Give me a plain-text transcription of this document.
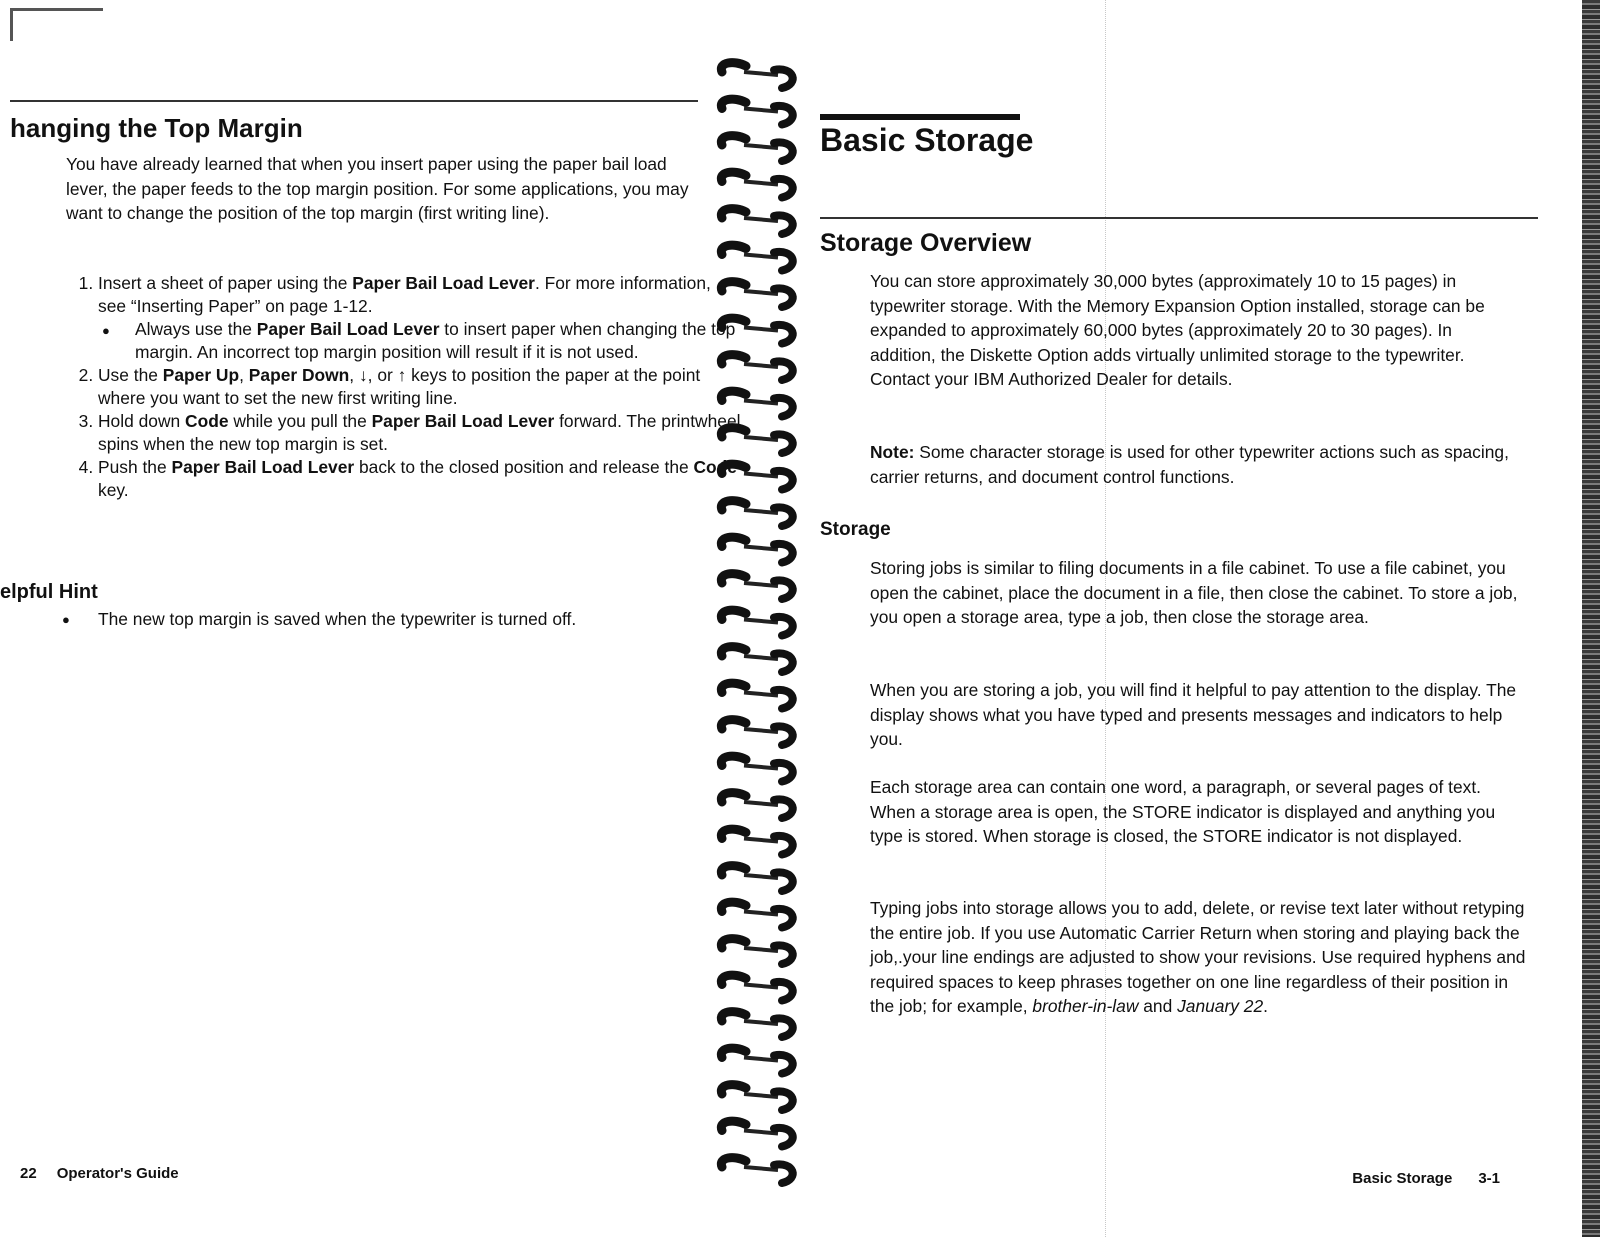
hanging the Top Margin

You have already learned that when you insert paper using the paper bail load lever, the paper feeds to the top margin position. For some applications, you may want to change the position of the top margin (first writing line).

1. Insert a sheet of paper using the Paper Bail Load Lever. For more information, see “Inserting Paper” on page 1-12.
● Always use the Paper Bail Load Lever to insert paper when changing the top margin. An incorrect top margin position will result if it is not used.
2. Use the Paper Up, Paper Down, ↓, or ↑ keys to position the paper at the point where you want to set the new first writing line.
3. Hold down Code while you pull the Paper Bail Load Lever forward. The printwheel spins when the new top margin is set.
4. Push the Paper Bail Load Lever back to the closed position and release the Code key.
elpful Hint
● The new top margin is saved when the typewriter is turned off.
22 Operator's Guide
Basic Storage
Storage Overview

You can store approximately 30,000 bytes (approximately 10 to 15 pages) in typewriter storage. With the Memory Expansion Option installed, storage can be expanded to approximately 60,000 bytes (approximately 20 to 30 pages). In addition, the Diskette Option adds virtually unlimited storage to the typewriter. Contact your IBM Authorized Dealer for details.

Note: Some character storage is used for other typewriter actions such as spacing, carrier returns, and document control functions.

Storage

Storing jobs is similar to filing documents in a file cabinet. To use a file cabinet, you open the cabinet, place the document in a file, then close the cabinet. To store a job, you open a storage area, type a job, then close the storage area.

When you are storing a job, you will find it helpful to pay attention to the display. The display shows what you have typed and presents messages and indicators to help you.

Each storage area can contain one word, a paragraph, or several pages of text. When a storage area is open, the STORE indicator is displayed and anything you type is stored. When storage is closed, the STORE indicator is not displayed.

Typing jobs into storage allows you to add, delete, or revise text later without retyping the entire job. If you use Automatic Carrier Return when storing and playing back the job,.your line endings are adjusted to show your revisions. Use required hyphens and required spaces to keep phrases together on one line regardless of their position in the job; for example, brother-in-law and January 22.

Basic Storage 3-1
